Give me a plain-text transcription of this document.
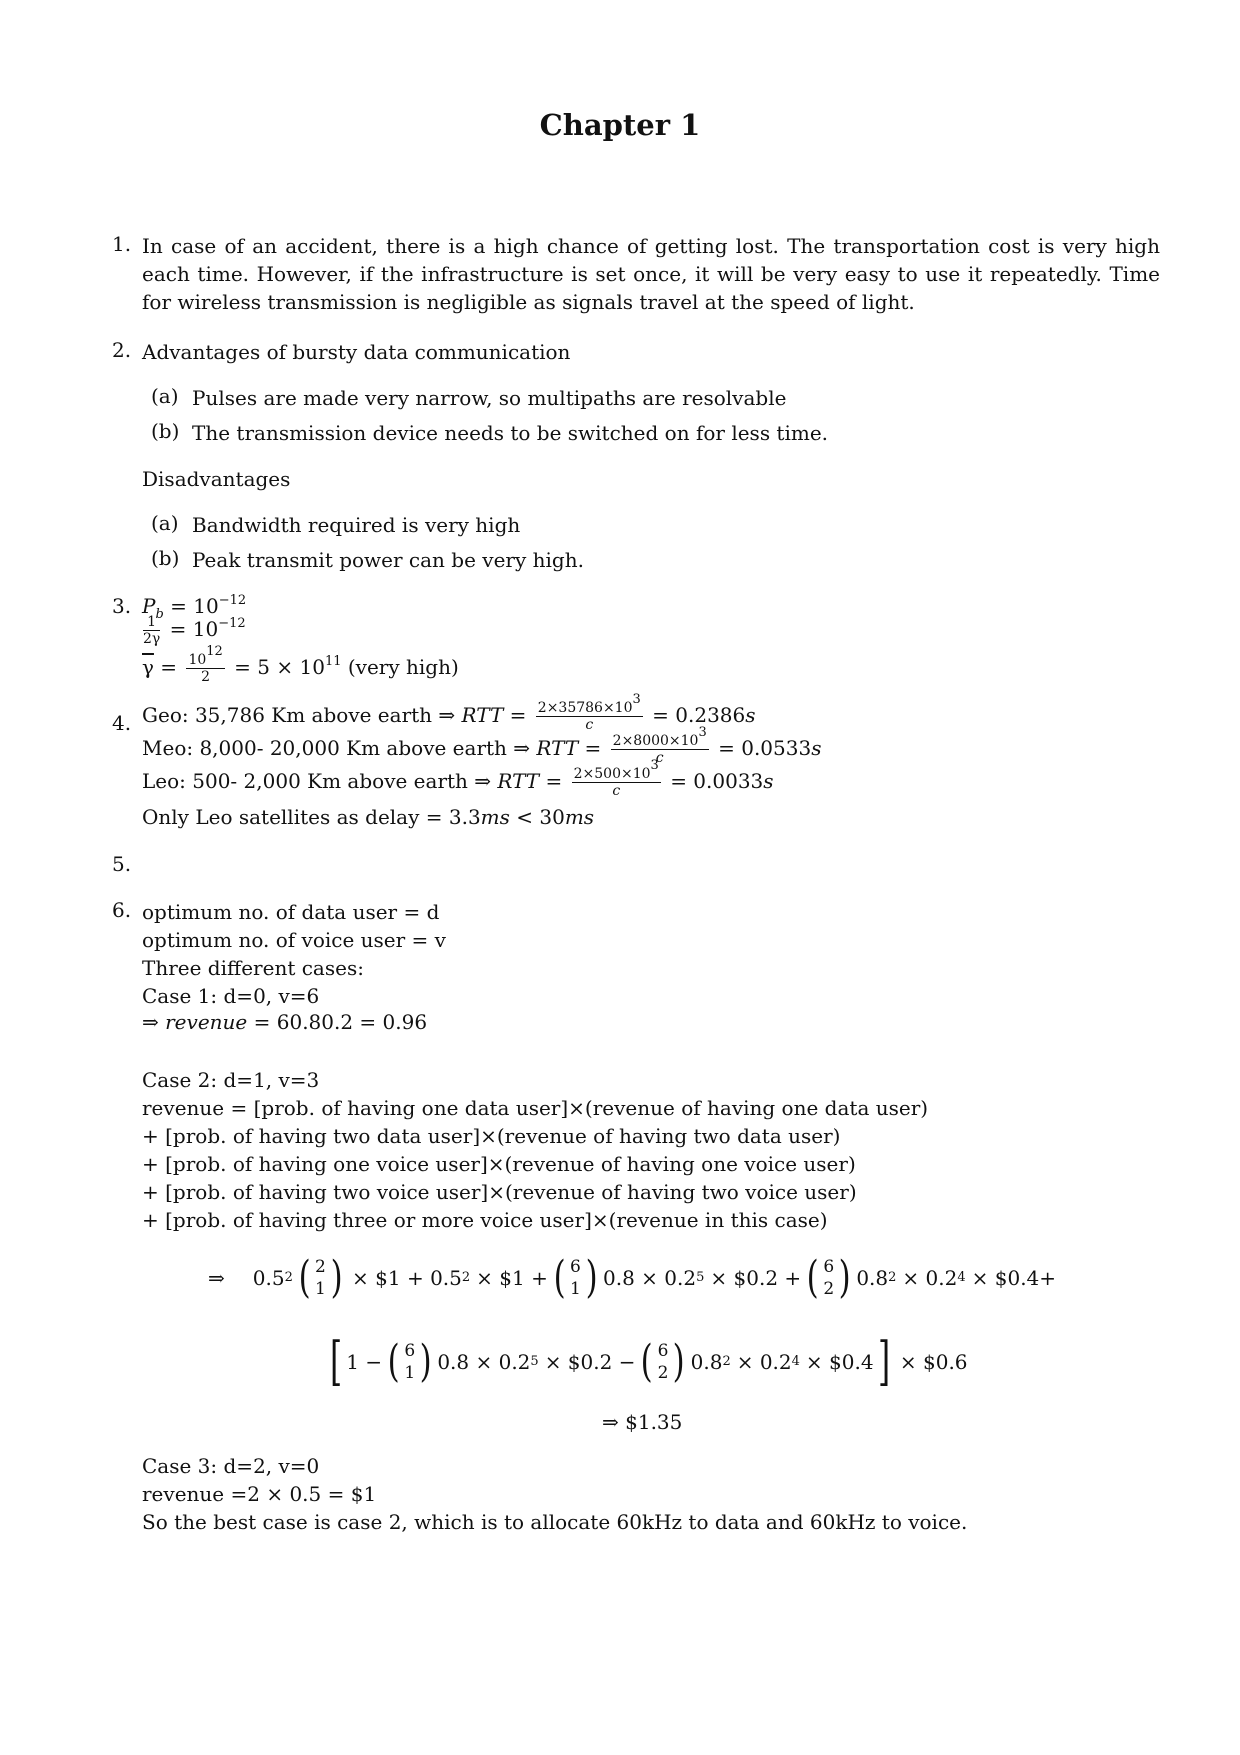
Chapter 1
1. In case of an accident, there is a high chance of getting lost. The transportation cost is very high each time. However, if the infrastructure is set once, it will be very easy to use it repeatedly. Time for wireless transmission is negligible as signals travel at the speed of light.
2. Advantages of bursty data communication
(a) Pulses are made very narrow, so multipaths are resolvable
(b) The transmission device needs to be switched on for less time.
Disadvantages
(a) Bandwidth required is very high
(b) Peak transmit power can be very high.
3. $P_b = 10^{-12}$
$\frac{1}{2\gamma} = 10^{-12}$
$\overline{\gamma} = \frac{10^{12}}{2} = 5 \times 10^{11}$ (very high)
4. Geo: 35,786 Km above earth ⇒ RTT = $\frac{2\times 35786\times 10^3}{c} = 0.2386s$
Meo: 8,000- 20,000 Km above earth ⇒ RTT = $\frac{2\times 8000\times 10^3}{c} = 0.0533s$
Leo: 500- 2,000 Km above earth ⇒ RTT = $\frac{2\times 500\times 10^3}{c} = 0.0033s$
Only Leo satellites as delay = 3.3ms < 30ms
5.
6. optimum no. of data user = d
optimum no. of voice user = v
Three different cases:
Case 1: d=0, v=6
⇒ revenue = 60.80.2 = 0.96
Case 2: d=1, v=3
revenue = [prob. of having one data user]×(revenue of having one data user)
+ [prob. of having two data user]×(revenue of having two data user)
+ [prob. of having one voice user]×(revenue of having one voice user)
+ [prob. of having two voice user]×(revenue of having two voice user)
+ [prob. of having three or more voice user]×(revenue in this case)
⇒ 0.5 2 ( 2
1 ) × $1 + 0.5 2 × $1 + ( 6
1 ) 0.8 × 0.2 5 × $0.2 + ( 6
2 ) 0.8 2 × 0.2 4 × $0.4+
[ 1 − ( 6
1 ) 0.8 × 0.2 5 × $0.2 − ( 6
2 ) 0.8 2 × 0.2 4 × $0.4 ] × $0.6
⇒ $1.35
Case 3: d=2, v=0
revenue =2 × 0.5 = $1
So the best case is case 2, which is to allocate 60kHz to data and 60kHz to voice.
